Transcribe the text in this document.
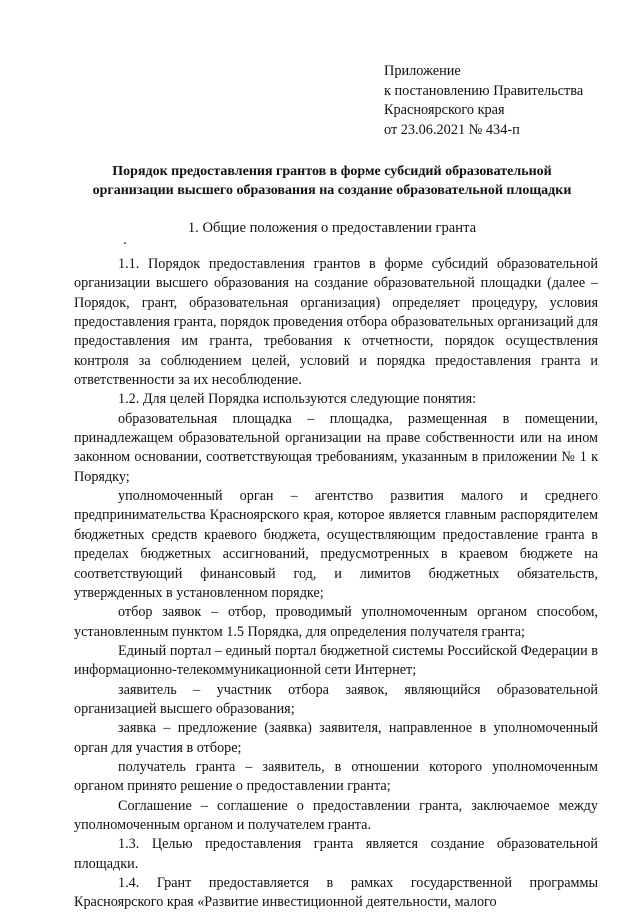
Приложение
к постановлению Правительства
Красноярского края
от 23.06.2021 № 434-п
Порядок предоставления грантов в форме субсидий образовательной
организации высшего образования на создание образовательной площадки
1. Общие положения о предоставлении гранта

1.1. Порядок предоставления грантов в форме субсидий образовательной организации высшего образования на создание образовательной площадки (далее – Порядок, грант, образовательная организация) определяет процедуру, условия предоставления гранта, порядок проведения отбора образовательных организаций для предоставления им гранта, требования к отчетности, порядок осуществления контроля за соблюдением целей, условий и порядка предоставления гранта и ответственности за их несоблюдение.

1.2. Для целей Порядка используются следующие понятия:

образовательная площадка – площадка, размещенная в помещении, принадлежащем образовательной организации на праве собственности или на ином законном основании, соответствующая требованиям, указанным в приложении № 1 к Порядку;

уполномоченный орган – агентство развития малого и среднего предпринимательства Красноярского края, которое является главным распорядителем бюджетных средств краевого бюджета, осуществляющим предоставление гранта в пределах бюджетных ассигнований, предусмотренных в краевом бюджете на соответствующий финансовый год, и лимитов бюджетных обязательств, утвержденных в установленном порядке;

отбор заявок – отбор, проводимый уполномоченным органом способом, установленным пунктом 1.5 Порядка, для определения получателя гранта;

Единый портал – единый портал бюджетной системы Российской Федерации в информационно-телекоммуникационной сети Интернет;

заявитель – участник отбора заявок, являющийся образовательной организацией высшего образования;

заявка – предложение (заявка) заявителя, направленное в уполномоченный орган для участия в отборе;

получатель гранта – заявитель, в отношении которого уполномоченным органом принято решение о предоставлении гранта;

Соглашение – соглашение о предоставлении гранта, заключаемое между уполномоченным органом и получателем гранта.

1.3. Целью предоставления гранта является создание образовательной площадки.

1.4. Грант предоставляется в рамках государственной программы Красноярского края «Развитие инвестиционной деятельности, малого
